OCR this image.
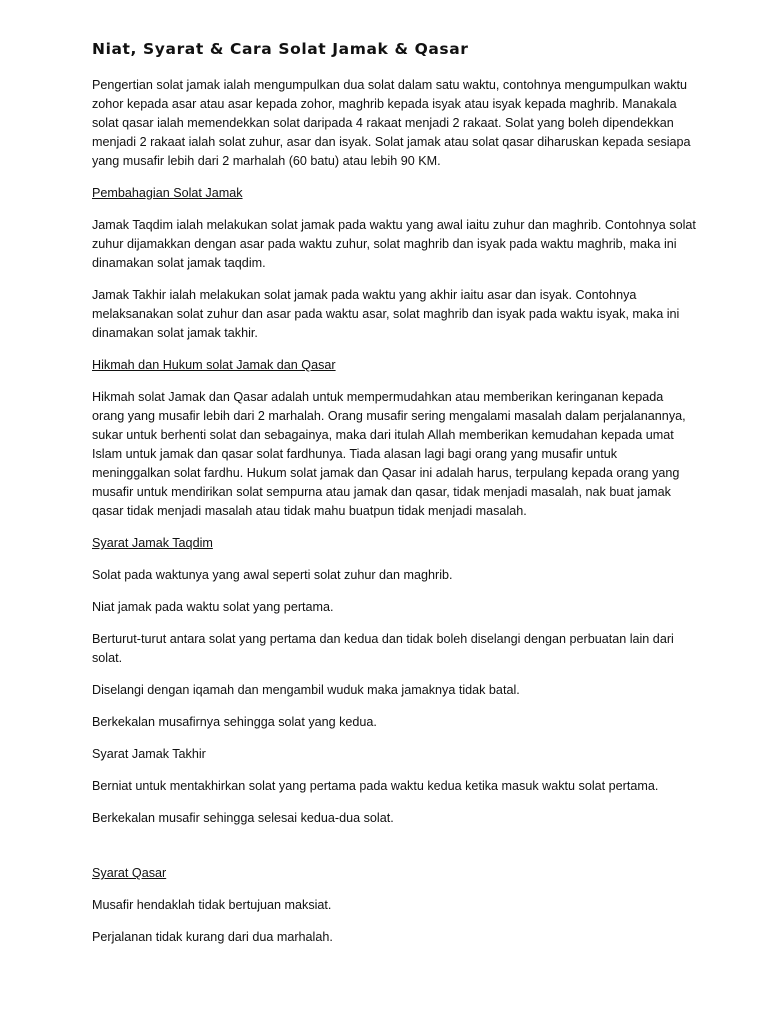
Niat, Syarat & Cara Solat Jamak & Qasar

Pengertian solat jamak ialah mengumpulkan dua solat dalam satu waktu, contohnya mengumpulkan waktu zohor kepada asar atau asar kepada zohor, maghrib kepada isyak atau isyak kepada maghrib. Manakala solat qasar ialah memendekkan solat daripada 4 rakaat menjadi 2 rakaat. Solat yang boleh dipendekkan menjadi 2 rakaat ialah solat zuhur, asar dan isyak. Solat jamak atau solat qasar diharuskan kepada sesiapa yang musafir lebih dari 2 marhalah (60 batu) atau lebih 90 KM.

Pembahagian Solat Jamak

Jamak Taqdim ialah melakukan solat jamak pada waktu yang awal iaitu zuhur dan maghrib. Contohnya solat zuhur dijamakkan dengan asar pada waktu zuhur, solat maghrib dan isyak pada waktu maghrib, maka ini dinamakan solat jamak taqdim.

Jamak Takhir ialah melakukan solat jamak pada waktu yang akhir iaitu asar dan isyak. Contohnya melaksanakan solat zuhur dan asar pada waktu asar, solat maghrib dan isyak pada waktu isyak, maka ini dinamakan solat jamak takhir.

Hikmah dan Hukum solat Jamak dan Qasar

Hikmah solat Jamak dan Qasar adalah untuk mempermudahkan atau memberikan keringanan kepada orang yang musafir lebih dari 2 marhalah. Orang musafir sering mengalami masalah dalam perjalanannya, sukar untuk berhenti solat dan sebagainya, maka dari itulah Allah memberikan kemudahan kepada umat Islam untuk jamak dan qasar solat fardhunya. Tiada alasan lagi bagi orang yang musafir untuk meninggalkan solat fardhu. Hukum solat jamak dan Qasar ini adalah harus, terpulang kepada orang yang musafir untuk mendirikan solat sempurna atau jamak dan qasar, tidak menjadi masalah, nak buat jamak qasar tidak menjadi masalah atau tidak mahu buatpun tidak menjadi masalah.

Syarat Jamak Taqdim

Solat pada waktunya yang awal seperti solat zuhur dan maghrib.

Niat jamak pada waktu solat yang pertama.

Berturut-turut antara solat yang pertama dan kedua dan tidak boleh diselangi dengan perbuatan lain dari solat.

Diselangi dengan iqamah dan mengambil wuduk maka jamaknya tidak batal.

Berkekalan musafirnya sehingga solat yang kedua.

Syarat Jamak Takhir

Berniat untuk mentakhirkan solat yang pertama pada waktu kedua ketika masuk waktu solat pertama.

Berkekalan musafir sehingga selesai kedua-dua solat.

Syarat Qasar

Musafir hendaklah tidak bertujuan maksiat.

Perjalanan tidak kurang dari dua marhalah.
